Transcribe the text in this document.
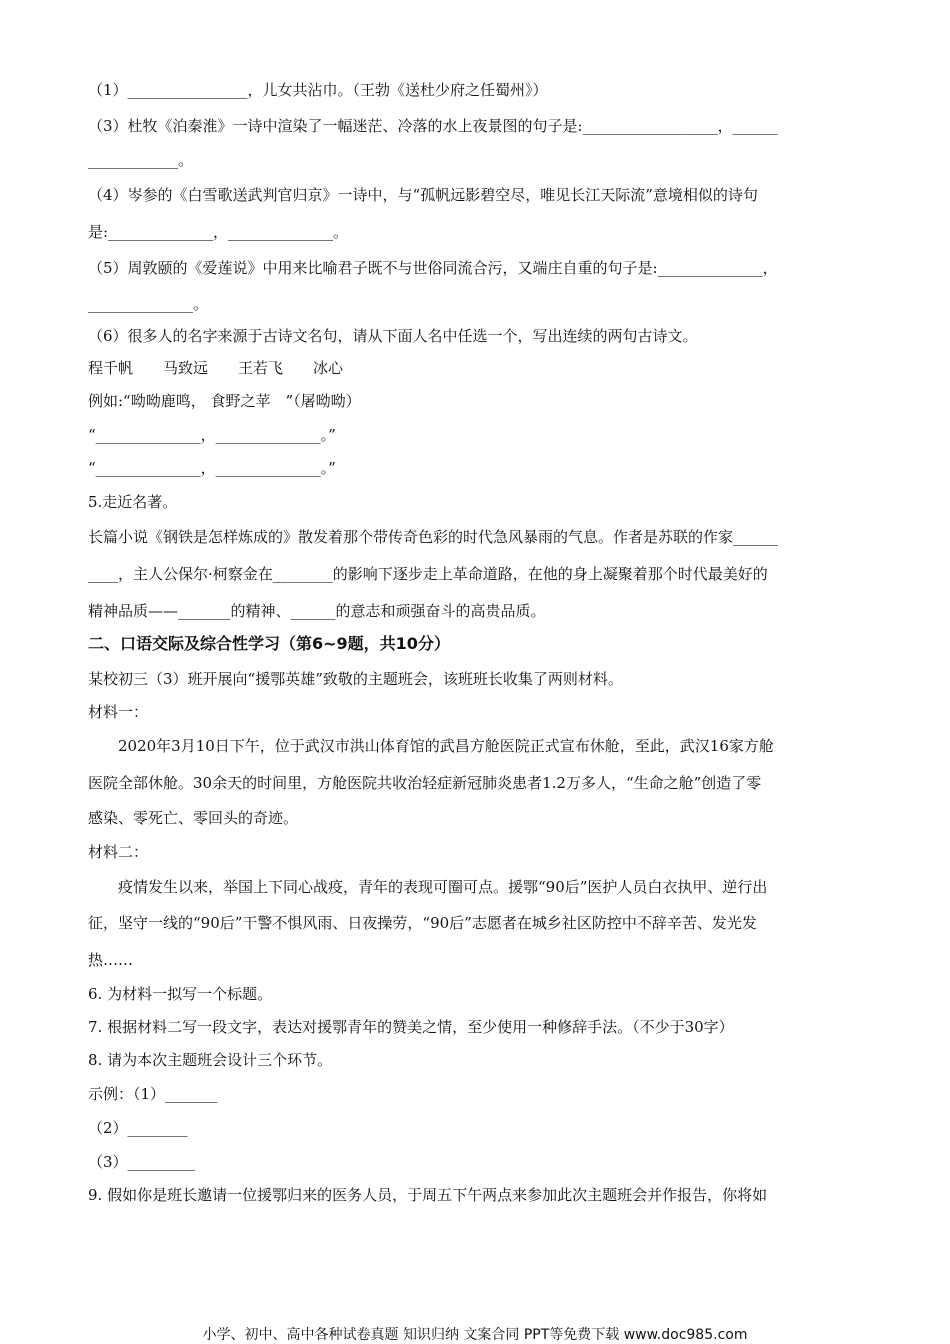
（1）________________，儿女共沾巾。（王勃《送杜少府之任蜀州》）
（3）杜牧《泊秦淮》一诗中渲染了一幅迷茫、冷落的水上夜景图的句子是:__________________，______
____________。
（4）岑参的《白雪歌送武判官归京》一诗中，与“孤帆远影碧空尽，唯见长江天际流”意境相似的诗句
是:______________，______________。
（5）周敦颐的《爱莲说》中用来比喻君子既不与世俗同流合污，又端庄自重的句子是:______________，
______________。
（6）很多人的名字来源于古诗文名句，请从下面人名中任选一个，写出连续的两句古诗文。
程千帆　　马致远　　王若飞　　冰心
例如:“呦呦鹿鸣， 食野之苹　”（屠呦呦）
“______________，______________。”
“______________，______________。”
5.走近名著。
长篇小说《钢铁是怎样炼成的》散发着那个带传奇色彩的时代急风暴雨的气息。作者是苏联的作家______
____，主人公保尔·柯察金在________的影响下逐步走上革命道路，在他的身上凝聚着那个时代最美好的
精神品质——_______的精神、______的意志和顽强奋斗的高贵品质。
二、口语交际及综合性学习（第6~9题，共10分）
某校初三（3）班开展向“援鄂英雄”致敬的主题班会，该班班长收集了两则材料。
材料一：
2020年3月10日下午，位于武汉市洪山体育馆的武昌方舱医院正式宣布休舱，至此，武汉16家方舱
医院全部休舱。30余天的时间里，方舱医院共收治轻症新冠肺炎患者1.2万多人，“生命之舱”创造了零
感染、零死亡、零回头的奇迹。
材料二：
疫情发生以来，举国上下同心战疫，青年的表现可圈可点。援鄂“90后”医护人员白衣执甲、逆行出
征，坚守一线的“90后”干警不惧风雨、日夜操劳，“90后”志愿者在城乡社区防控中不辞辛苦、发光发
热……
6. 为材料一拟写一个标题。
7. 根据材料二写一段文字，表达对援鄂青年的赞美之情，至少使用一种修辞手法。（不少于30字）
8. 请为本次主题班会设计三个环节。
示例：（1）_______
（2）________
（3）_________
9. 假如你是班长邀请一位援鄂归来的医务人员，于周五下午两点来参加此次主题班会并作报告，你将如
小学、初中、高中各种试卷真题 知识归纳 文案合同 PPT等免费下载 www.doc985.com
